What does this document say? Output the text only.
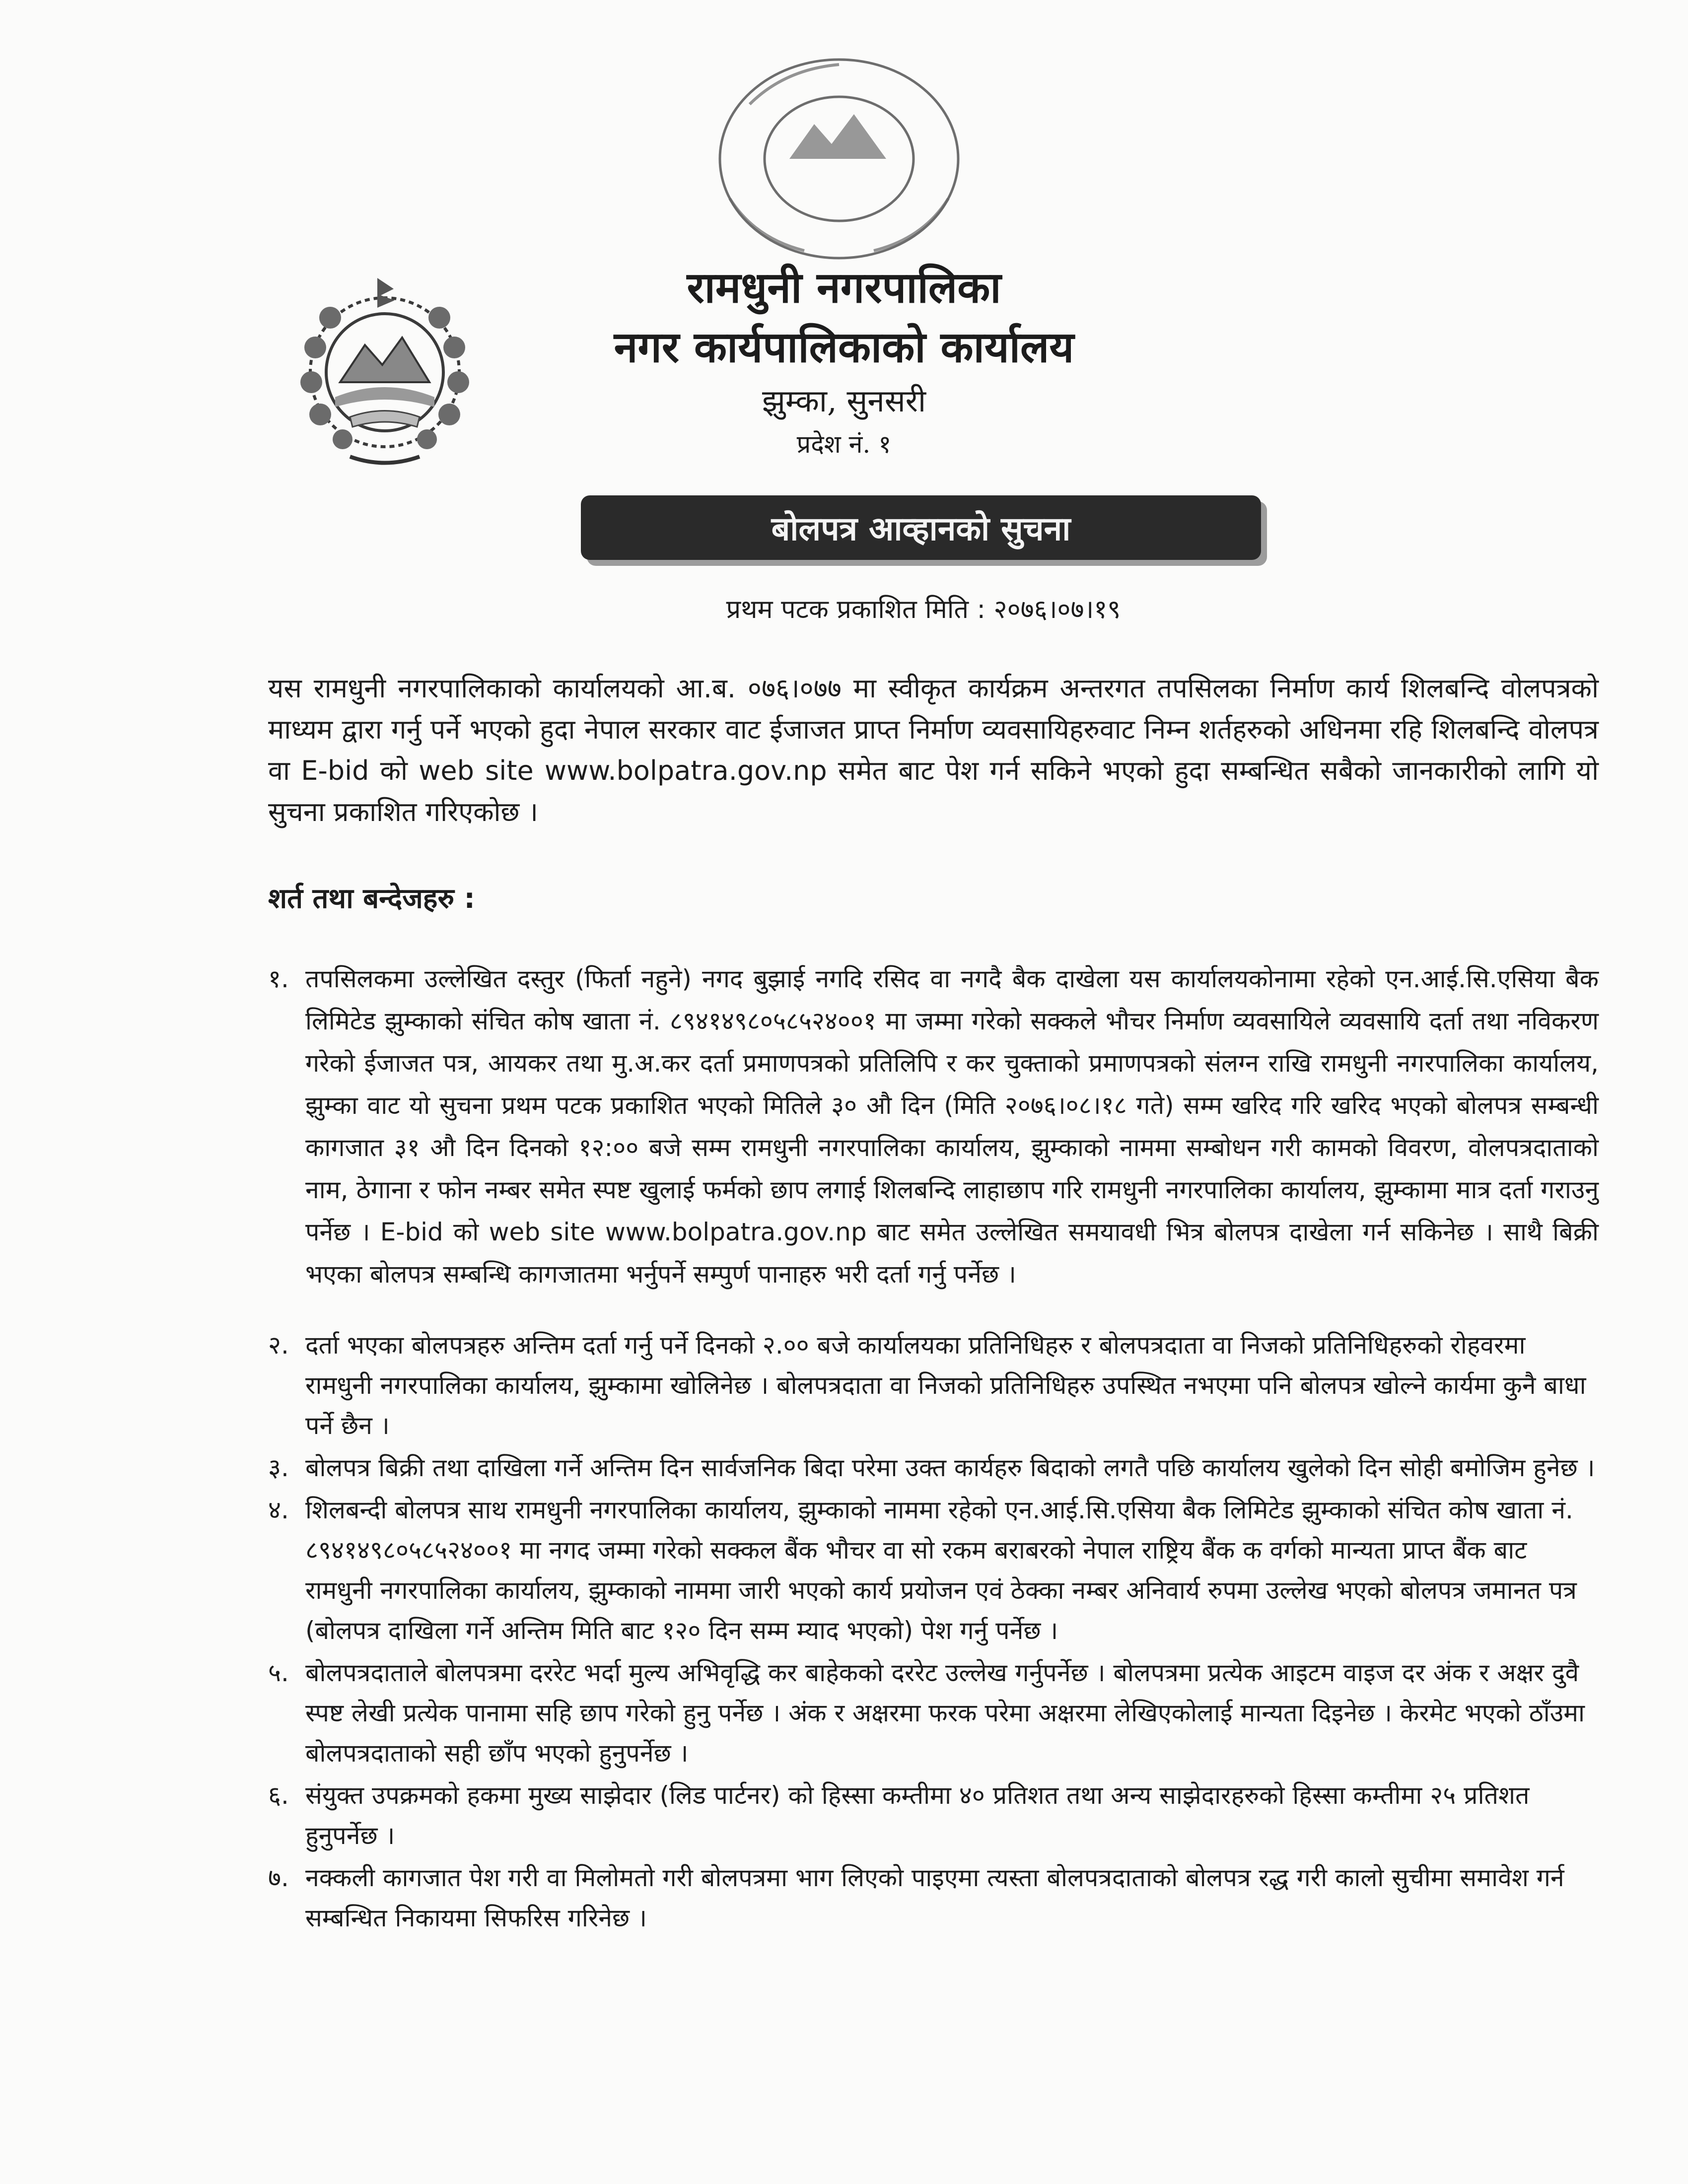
रामधुनी नगरपालिका

नगर कार्यपालिकाको कार्यालय

झुम्का, सुनसरी

प्रदेश नं. १

बोलपत्र आव्हानको सुचना
प्रथम पटक प्रकाशित मिति : २०७६।०७।१९

यस रामधुनी नगरपालिकाको कार्यालयको आ.ब. ०७६।०७७ मा स्वीकृत कार्यक्रम अन्तरगत तपसिलका निर्माण कार्य शिलबन्दि वोलपत्रको माध्यम द्वारा गर्नु पर्ने भएको हुदा नेपाल सरकार वाट ईजाजत प्राप्त निर्माण व्यवसायिहरुवाट निम्न शर्तहरुको अधिनमा रहि शिलबन्दि वोलपत्र वा E-bid को web site www.bolpatra.gov.np समेत बाट पेश गर्न सकिने भएको हुदा सम्बन्धित सबैको जानकारीको लागि यो सुचना प्रकाशित गरिएकोछ ।

शर्त तथा बन्देजहरु :

१. तपसिलकमा उल्लेखित दस्तुर (फिर्ता नहुने) नगद बुझाई नगदि रसिद वा नगदै बैक दाखेला यस कार्यालयकोनामा रहेको एन.आई.सि.एसिया बैक लिमिटेड झुम्काको संचित कोष खाता नं. ८९४१४९८०५८५२४००१ मा जम्मा गरेको सक्कले भौचर निर्माण व्यवसायिले व्यवसायि दर्ता तथा नविकरण गरेको ईजाजत पत्र, आयकर तथा मु.अ.कर दर्ता प्रमाणपत्रको प्रतिलिपि र कर चुक्ताको प्रमाणपत्रको संलग्न राखि रामधुनी नगरपालिका कार्यालय, झुम्का वाट यो सुचना प्रथम पटक प्रकाशित भएको मितिले ३० औ दिन (मिति २०७६।०८।१८ गते) सम्म खरिद गरि खरिद भएको बोलपत्र सम्बन्धी कागजात ३१ औ दिन दिनको १२:०० बजे सम्म रामधुनी नगरपालिका कार्यालय, झुम्काको नाममा सम्बोधन गरी कामको विवरण, वोलपत्रदाताको नाम, ठेगाना र फोन नम्बर समेत स्पष्ट खुलाई फर्मको छाप लगाई शिलबन्दि लाहाछाप गरि रामधुनी नगरपालिका कार्यालय, झुम्कामा मात्र दर्ता गराउनु पर्नेछ । E-bid को web site www.bolpatra.gov.np बाट समेत उल्लेखित समयावधी भित्र बोलपत्र दाखेला गर्न सकिनेछ । साथै बिक्री भएका बोलपत्र सम्बन्धि कागजातमा भर्नुपर्ने सम्पुर्ण पानाहरु भरी दर्ता गर्नु पर्नेछ ।

२. दर्ता भएका बोलपत्रहरु अन्तिम दर्ता गर्नु पर्ने दिनको २.०० बजे कार्यालयका प्रतिनिधिहरु र बोलपत्रदाता वा निजको प्रतिनिधिहरुको रोहवरमा रामधुनी नगरपालिका कार्यालय, झुम्कामा खोलिनेछ । बोलपत्रदाता वा निजको प्रतिनिधिहरु उपस्थित नभएमा पनि बोलपत्र खोल्ने कार्यमा कुनै बाधा पर्ने छैन ।

३. बोलपत्र बिक्री तथा दाखिला गर्ने अन्तिम दिन सार्वजनिक बिदा परेमा उक्त कार्यहरु बिदाको लगतै पछि कार्यालय खुलेको दिन सोही बमोजिम हुनेछ ।

४. शिलबन्दी बोलपत्र साथ रामधुनी नगरपालिका कार्यालय, झुम्काको नाममा रहेको एन.आई.सि.एसिया बैक लिमिटेड झुम्काको संचित कोष खाता नं. ८९४१४९८०५८५२४००१ मा नगद जम्मा गरेको सक्कल बैंक भौचर वा सो रकम बराबरको नेपाल राष्ट्रिय बैंक क वर्गको मान्यता प्राप्त बैंक बाट रामधुनी नगरपालिका कार्यालय, झुम्काको नाममा जारी भएको कार्य प्रयोजन एवं ठेक्का नम्बर अनिवार्य रुपमा उल्लेख भएको बोलपत्र जमानत पत्र (बोलपत्र दाखिला गर्ने अन्तिम मिति बाट १२० दिन सम्म म्याद भएको) पेश गर्नु पर्नेछ ।

५. बोलपत्रदाताले बोलपत्रमा दररेट भर्दा मुल्य अभिवृद्धि कर बाहेकको दररेट उल्लेख गर्नुपर्नेछ । बोलपत्रमा प्रत्येक आइटम वाइज दर अंक र अक्षर दुवै स्पष्ट लेखी प्रत्येक पानामा सहि छाप गरेको हुनु पर्नेछ । अंक र अक्षरमा फरक परेमा अक्षरमा लेखिएकोलाई मान्यता दिइनेछ । केरमेट भएको ठाँउमा बोलपत्रदाताको सही छाँप भएको हुनुपर्नेछ ।

६. संयुक्त उपक्रमको हकमा मुख्य साझेदार (लिड पार्टनर) को हिस्सा कम्तीमा ४० प्रतिशत तथा अन्य साझेदारहरुको हिस्सा कम्तीमा २५ प्रतिशत हुनुपर्नेछ ।

७. नक्कली कागजात पेश गरी वा मिलोमतो गरी बोलपत्रमा भाग लिएको पाइएमा त्यस्ता बोलपत्रदाताको बोलपत्र रद्ध गरी कालो सुचीमा समावेश गर्न सम्बन्धित निकायमा सिफरिस गरिनेछ ।
